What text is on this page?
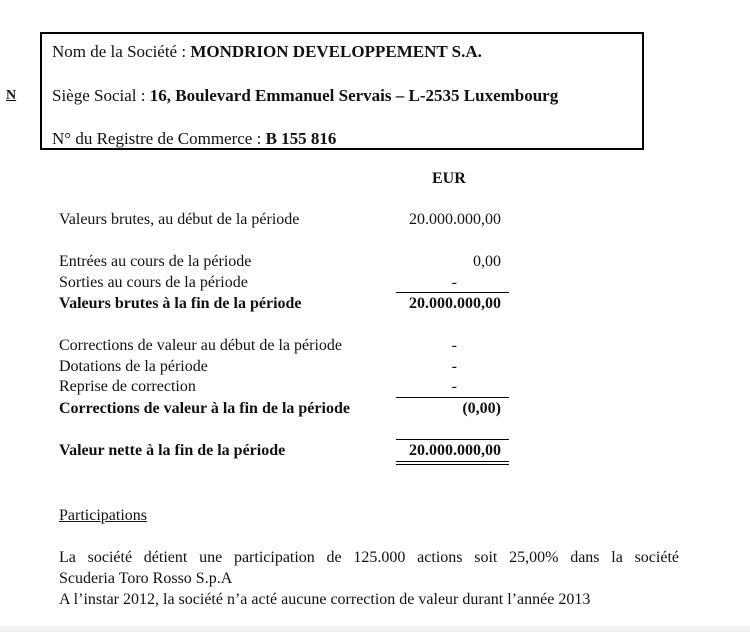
N
Nom de la Société : MONDRION DEVELOPPEMENT S.A.
Siège Social : 16, Boulevard Emmanuel Servais – L-2535 Luxembourg
N° du Registre de Commerce : B 155 816
EUR
Valeurs brutes, au début de la période	20.000.000,00
Entrées au cours de la période	0,00
Sorties au cours de la période	-
Valeurs brutes à la fin de la période	20.000.000,00
Corrections de valeur au début de la période	-
Dotations de la période	-
Reprise de correction	-
Corrections de valeur à la fin de la période	(0,00)
Valeur nette à la fin de la période	20.000.000,00
Participations
La société détient une participation de 125.000 actions soit 25,00% dans la société
Scuderia Toro Rosso S.p.A
A l’instar 2012, la société n’a acté aucune correction de valeur durant l’année 2013
